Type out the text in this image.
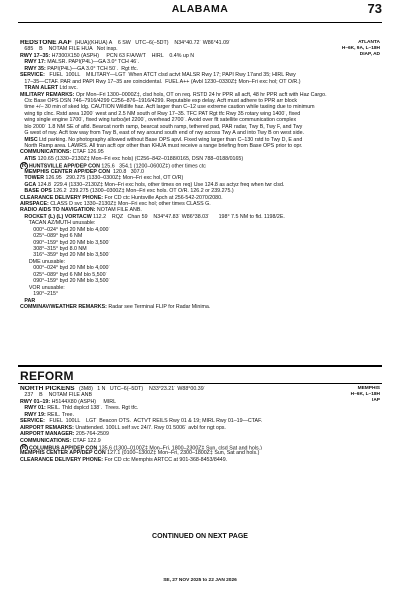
ALABAMA	73
ATLANTA
H–6K, 9A, L–18H
DIAP, AD
REDSTONE AAF  (HUA)(KHUA) A    6 SW   UTC–6(–5DT)    N34°40.72´ W86°41.09´
685    B    NOTAM FILE HUA   Not insp.
RWY 17–35: H7300X150 (ASPH)     PCN 63 F/A/W/T    HIRL    0.4% up N
RWY 17: MALSR. PAPI(P4L)—GA 3.0° TCH 46´.
RWY 35: PAPI(P4L)—GA 3.0° TCH 50´.  Rgt tfc.
SERVICE:   FUEL  100LL    MILITARY—LGT  When ATCT clsd actvt MALSR Rwy 17; PAPI Rwy 17and 35; HIRL Rwy
17–35—CTAF. PAR and PAPI Rwy 17–35 are coincidental.  FUEL A++ (Avbl 1230–0330Z‡ Mon–Fri exc hol; OT O/R.)
TRAN ALERT Ltd svc.
MILITARY REMARKS: Opr Mon–Fri 1300–0000Z‡, clsd hols, OT on req. RSTD 24 hr PPR all acft, 48 hr PPR acft with Haz Cargo.
Ctc Base OPS DSN 746–7916/4299 C256–876–1916/4299. Reputable exp delay. Acft must adhere to PPR arr block
time +/– 30 min of sked ldg. CAUTION Wildlife haz. Acft larger than C–12 use extreme caution while taxiing due to minimum
wing tip clnc. Rstd area 1200´ west and 2.5 NM south of Rwy 17–35. TFC PAT Rgt tfc Rwy 35 rotary wing 1400´, fixed
wing single engine 1700´, fixed wing turbo/jet 2200´, overhead 2700´. Avoid over flt satellite communication complex
blo 2000´ 1.8 NM SE of afld. Bearcat north ramp, bearcat south ramp, tethered pad, PAR radar, Twy B, Twy F, and Twy
G west of rwy. Acft tow way from Twy B, east of rwy around south end of rwy across Twy A and into Twy B on west side.
MISC Ltd parking. No photography allowed without Base OPS apvl. Fixed wing larger than C–130 rstd to Twy D, E and
North Ramp area. LAWRS. All tran acft opr other than KHUA must receive a range briefing from Base OPS prior to opr.
COMMUNICATIONS: CTAF 126.95
ATIS 120.65 (1330–2130Z‡ Mon–Fri exc hols) (C256–842–0188/0165, DSN 788–0188/0165)
R HUNTSVILLE APP/DEP CON 125.6   354.1 (1200–0600Z‡) other times ctc
MEMPHIS CENTER APP/DEP CON  120.8   307.0
TOWER 126.95   290.275 (1330–0300Z‡ Mon–Fri exc hol, OT O/R)
GCA 124.8  229.4 (1330–2130Z‡ Mon–Fri exc hols, other times on req) Use 124.8 as actyz freq when twr clsd.
BASE OPS 126.2  239.275 (1300–0300Z‡ Mon–Fri exc hols. OT O/R. 126.2 or 239.275.)
CLEARANCE DELIVERY PHONE: For CD ctc Huntsville Apch at 256-542-2070/2080.
AIRSPACE: CLASS D svc 1330–2130Z‡ Mon–Fri exc hol; other times CLASS G.
RADIO AIDS TO NAVIGATION: NOTAM FILE ANB.
ROCKET (L) (L) VORTACW 112.2    RQZ   Chan 59    N34°47.83´ W86°38.03´      198° 7.5 NM to fld. 1198/2E.
TACAN AZ/MUTH unusable:
000°–024° byd 20 NM blo 4,000´
025°–089° byd 6 NM
090°–159° byd 20 NM blo 3,500´
308°–315° byd 8.0 NM
316°–359° byd 20 NM blo 3,500´
DME unusable:
000°–024° byd 20 NM blo 4,000´
025°–089° byd 6 NM blo 5,500´
090°–159° byd 20 NM blo 3,500´
VOR unusable:
190°–215°
PAR
COMM/NAV/WEATHER REMARKS: Radar see Terminal FLIP for Radar Minima.
REFORM
MEMPHIS
H–6K, L–18H
IAP
NORTH PICKENS   (3M8)   1 N   UTC–6(–5DT)    N33°23.21´ W88°00.39´
237    B    NOTAM FILE ANB
RWY 01–19: H5144X80 (ASPH)     MIRL
RWY 01: REIL. Thld dsplcd 138´.  Trees. Rgt tfc.
RWY 19: REIL. Tree.
SERVICE:   FUEL  100LL    LGT  Beacon OTS.  ACTVT REILS Rwy 01 & 19; MIRL Rwy 01–19—CTAF.
AIRPORT REMARKS: Unattended. 100LL self svc 24/7. Rwy 01 5006´ avbl for ngt ops.
AIRPORT MANAGER: 205-764-2509
COMMUNICATIONS: CTAF 122.9
R COLUMBUS APP/DEP CON 135.6 (1300–0100Z‡ Mon–Fri, 1800–2300Z‡ Sun, clsd Sat and hols.)
MEMPHIS CENTER APP/DEP CON 127.1 (0100–1300Z‡ Mon–Fri, 2300–1800Z‡ Sun, Sat and hols.)
CLEARANCE DELIVERY PHONE: For CD ctc Memphis ARTCC at 901-368-8453/8449.
CONTINUED ON NEXT PAGE
SE, 27 NOV 2025 to 22 JAN 2026
